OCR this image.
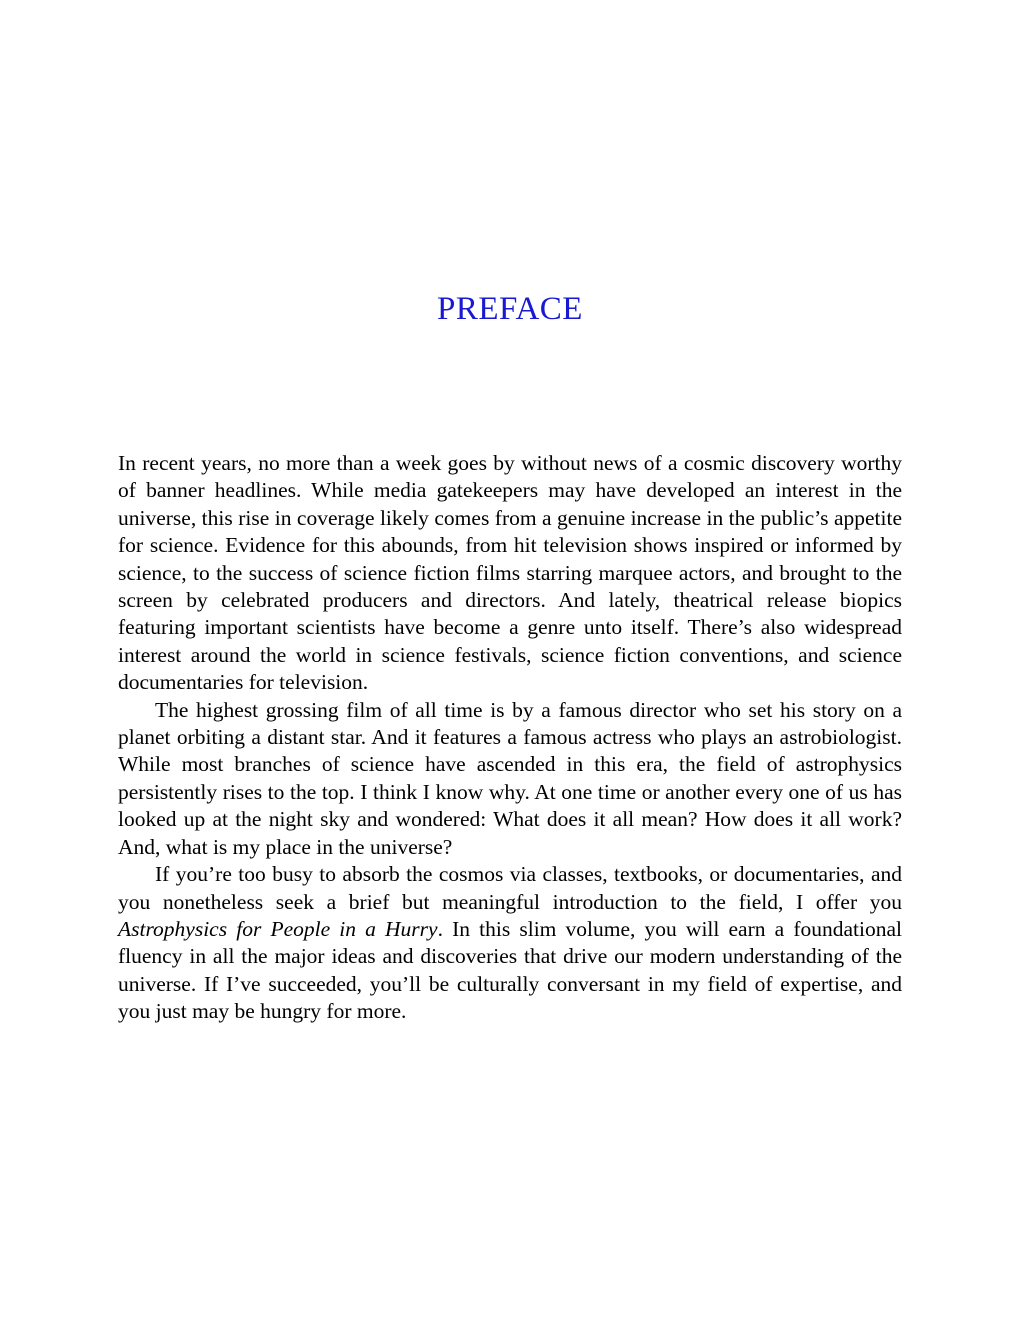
PREFACE

In recent years, no more than a week goes by without news of a cosmic discovery worthy of banner headlines. While media gatekeepers may have developed an interest in the universe, this rise in coverage likely comes from a genuine increase in the public’s appetite for science. Evidence for this abounds, from hit television shows inspired or informed by science, to the success of science fiction films starring marquee actors, and brought to the screen by celebrated producers and directors. And lately, theatrical release biopics featuring important scientists have become a genre unto itself. There’s also widespread interest around the world in science festivals, science fiction conventions, and science documentaries for television.

The highest grossing film of all time is by a famous director who set his story on a planet orbiting a distant star. And it features a famous actress who plays an astrobiologist. While most branches of science have ascended in this era, the field of astrophysics persistently rises to the top. I think I know why. At one time or another every one of us has looked up at the night sky and wondered: What does it all mean? How does it all work? And, what is my place in the universe?

If you’re too busy to absorb the cosmos via classes, textbooks, or documentaries, and you nonetheless seek a brief but meaningful introduction to the field, I offer you Astrophysics for People in a Hurry. In this slim volume, you will earn a foundational fluency in all the major ideas and discoveries that drive our modern understanding of the universe. If I’ve succeeded, you’ll be culturally conversant in my field of expertise, and you just may be hungry for more.
